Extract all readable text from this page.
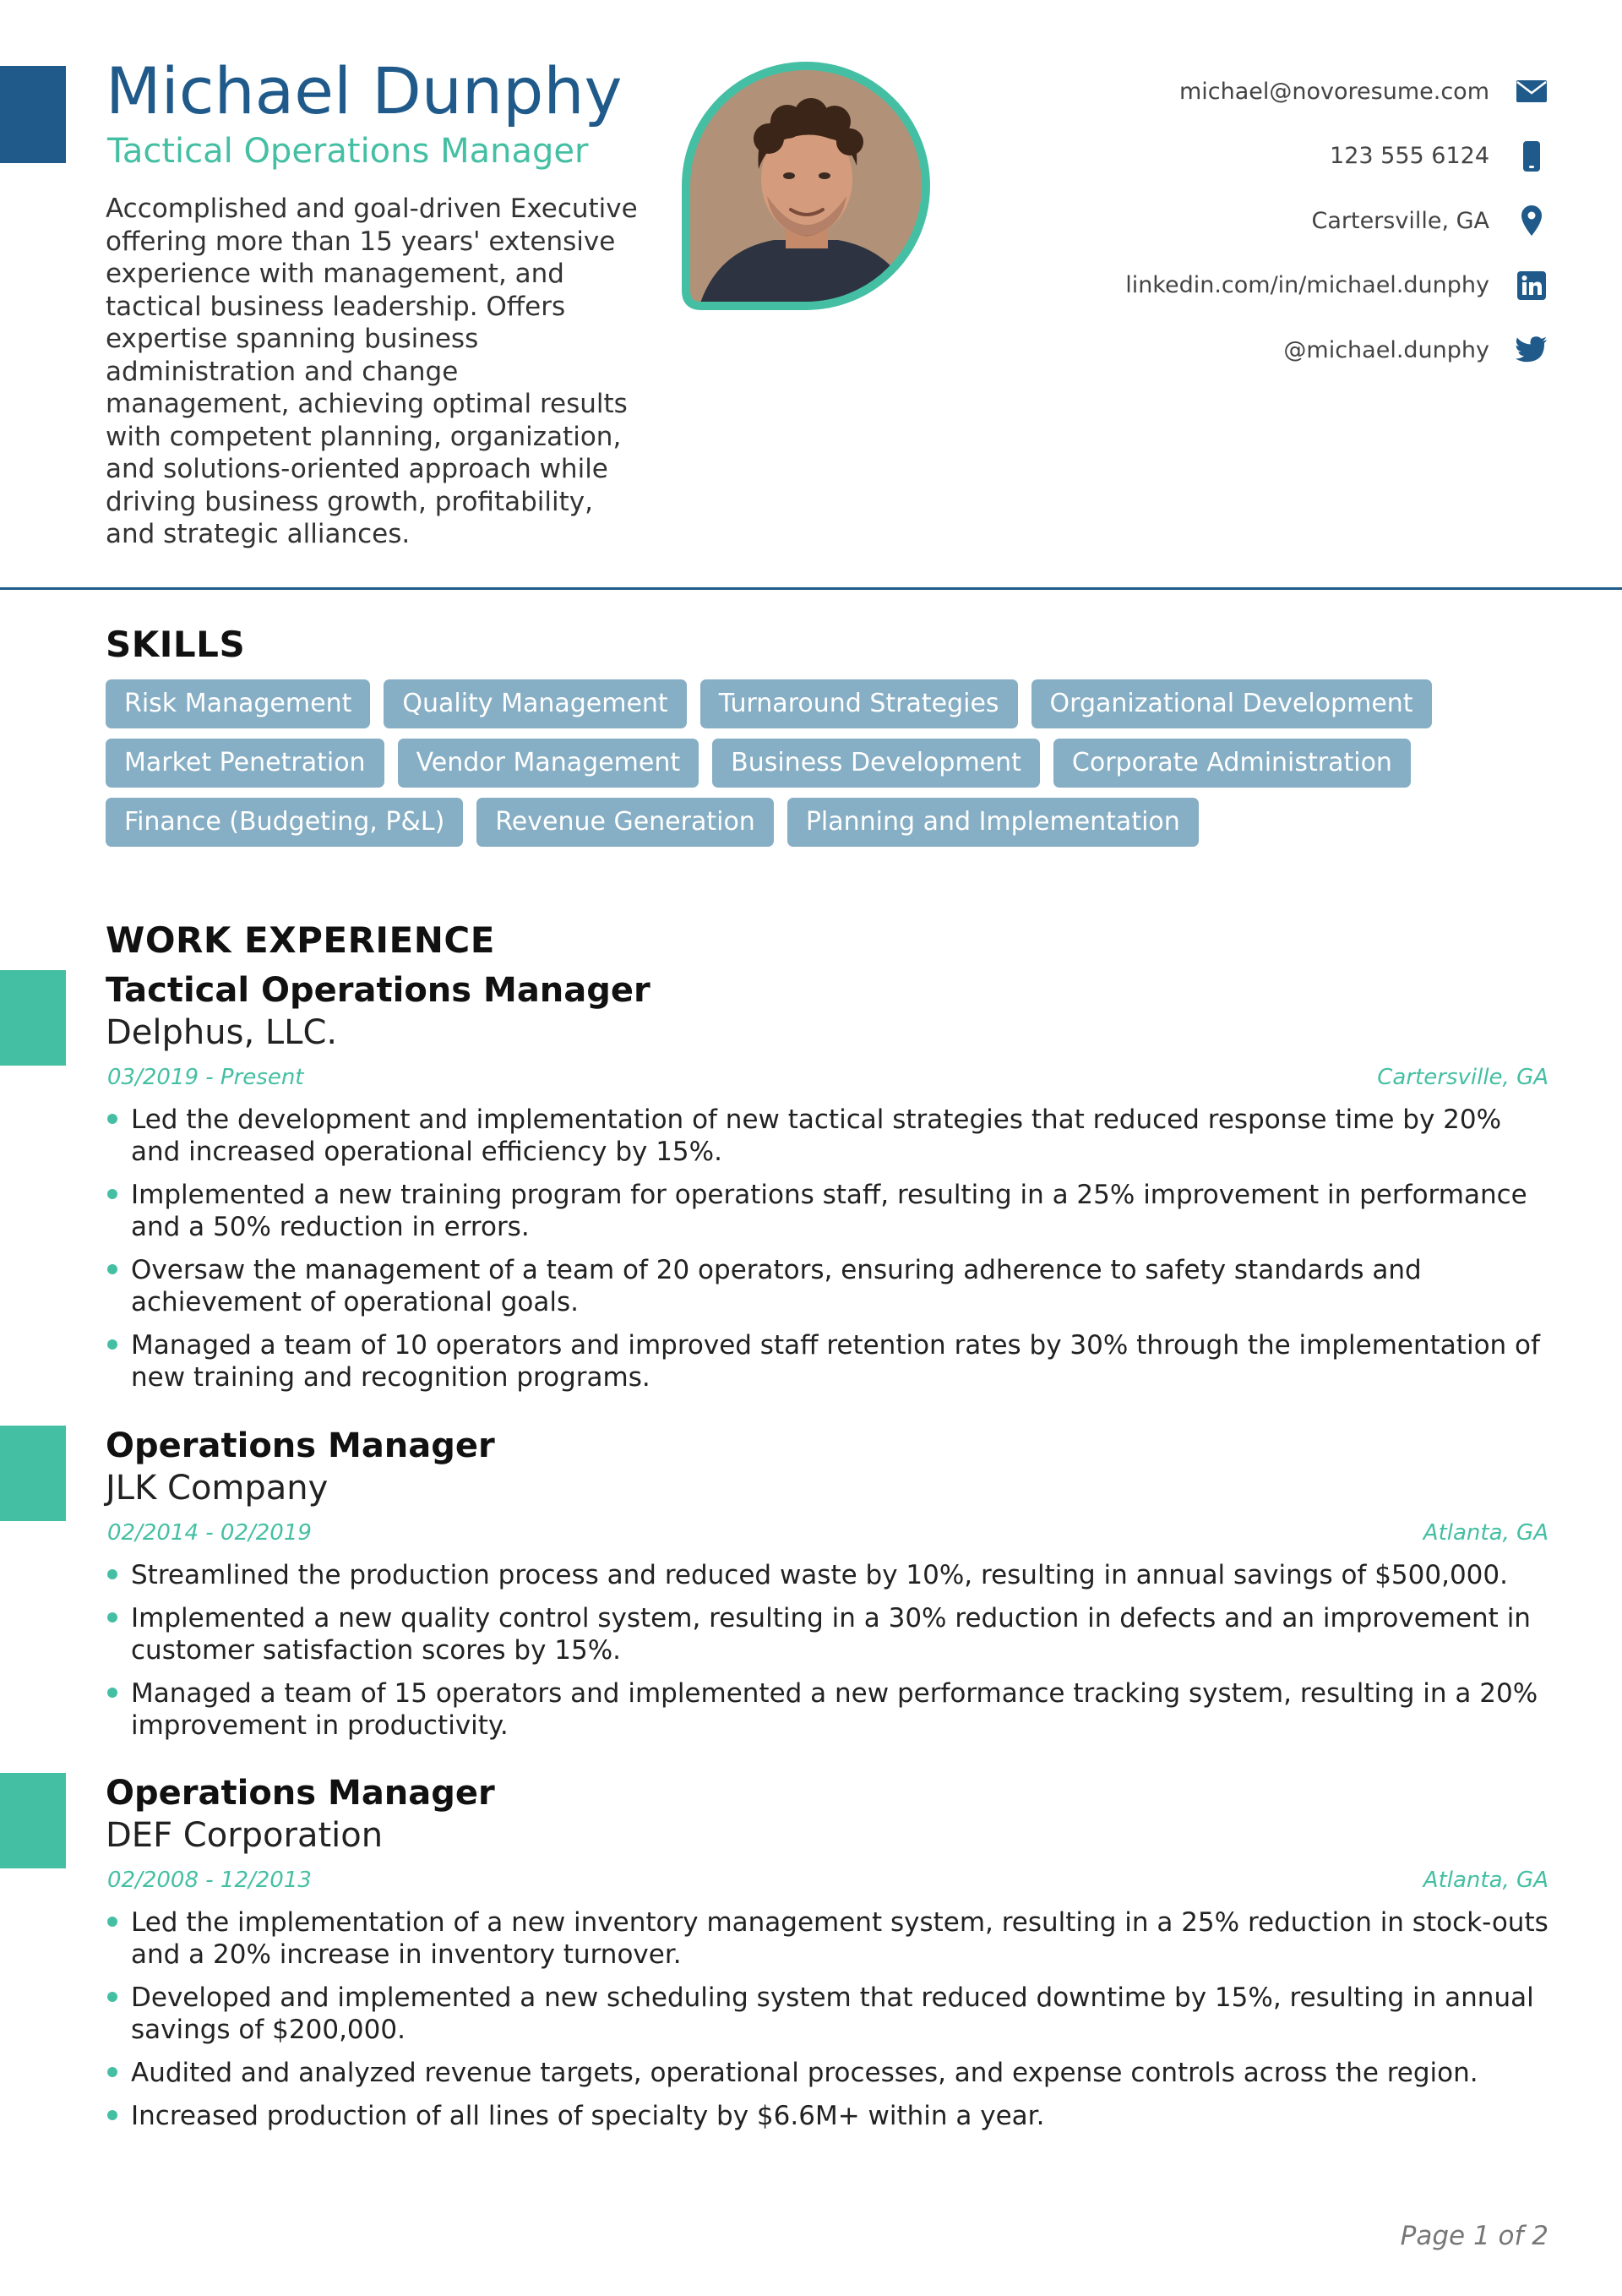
Michael Dunphy
Tactical Operations Manager

Accomplished and goal-driven Executive offering more than 15 years' extensive experience with management, and tactical business leadership. Offers expertise spanning business administration and change management, achieving optimal results with competent planning, organization, and solutions-oriented approach while driving business growth, profitability, and strategic alliances.

michael@novoresume.com
123 555 6124
Cartersville, GA
linkedin.com/in/michael.dunphy
@michael.dunphy
SKILLS
Risk Management	Quality Management	Turnaround Strategies	Organizational Development
Market Penetration	Vendor Management	Business Development	Corporate Administration
Finance (Budgeting, P&L)	Revenue Generation	Planning and Implementation
WORK EXPERIENCE
Tactical Operations Manager
Delphus, LLC.
03/2019 - Present	Cartersville, GA
Led the development and implementation of new tactical strategies that reduced response time by 20% and increased operational efficiency by 15%.
Implemented a new training program for operations staff, resulting in a 25% improvement in performance and a 50% reduction in errors.
Oversaw the management of a team of 20 operators, ensuring adherence to safety standards and achievement of operational goals.
Managed a team of 10 operators and improved staff retention rates by 30% through the implementation of new training and recognition programs.
Operations Manager
JLK Company
02/2014 - 02/2019	Atlanta, GA
Streamlined the production process and reduced waste by 10%, resulting in annual savings of $500,000.
Implemented a new quality control system, resulting in a 30% reduction in defects and an improvement in customer satisfaction scores by 15%.
Managed a team of 15 operators and implemented a new performance tracking system, resulting in a 20% improvement in productivity.
Operations Manager
DEF Corporation
02/2008 - 12/2013	Atlanta, GA
Led the implementation of a new inventory management system, resulting in a 25% reduction in stock-outs and a 20% increase in inventory turnover.
Developed and implemented a new scheduling system that reduced downtime by 15%, resulting in annual savings of $200,000.
Audited and analyzed revenue targets, operational processes, and expense controls across the region.
Increased production of all lines of specialty by $6.6M+ within a year.
Page 1 of 2
